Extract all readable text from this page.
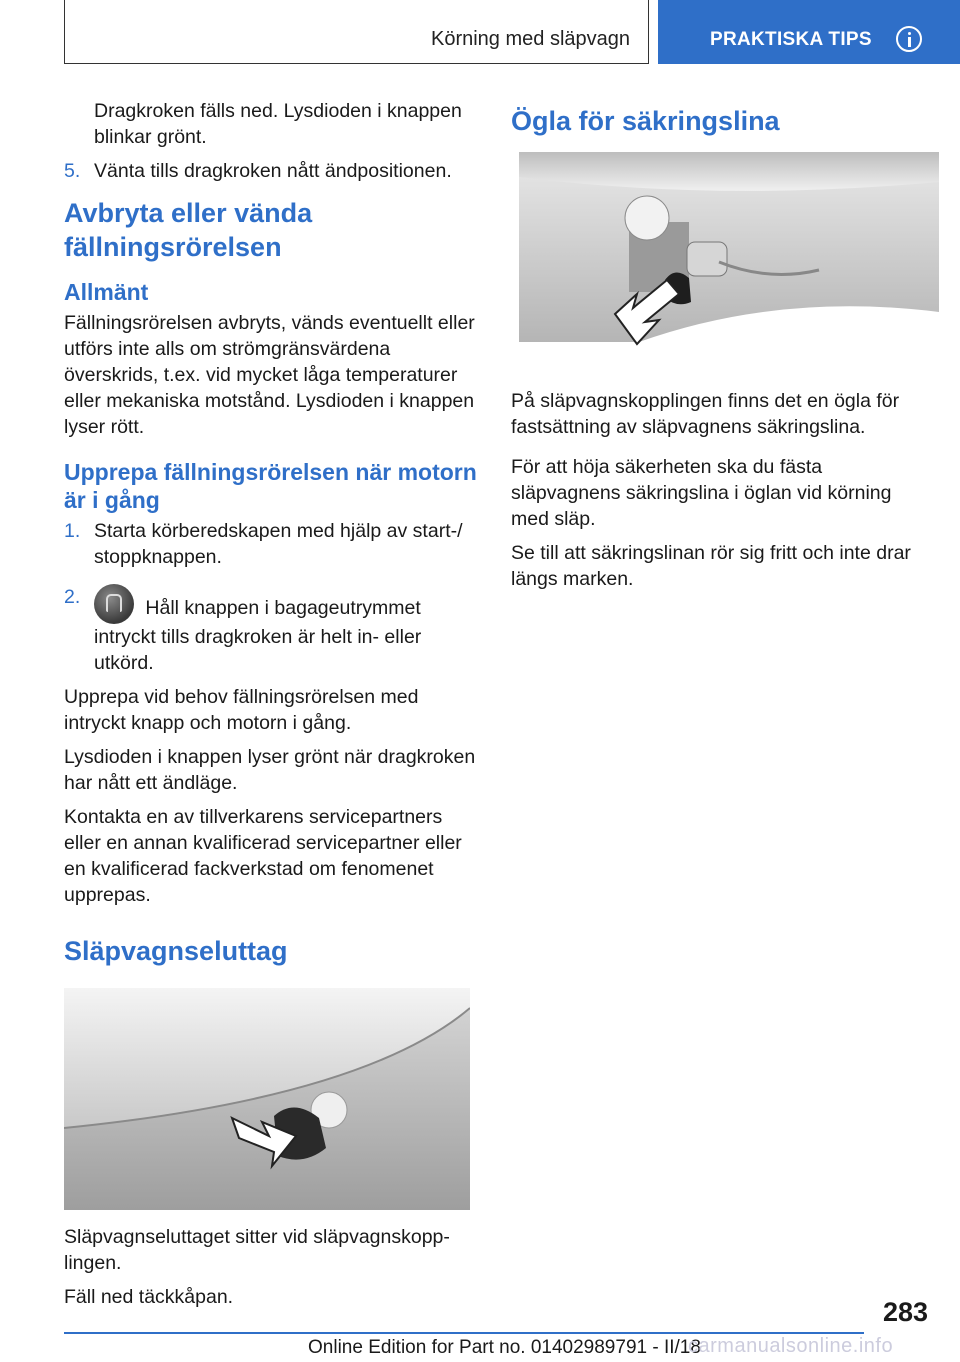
Körning med släpvagn	PRAKTISKA TIPS

Dragkroken fälls ned. Lysdioden i knappen blinkar grönt.

5. Vänta tills dragkroken nått ändpositionen.
Avbryta eller vända fällningsrörelsen
Allmänt

Fällningsrörelsen avbryts, vänds eventuellt eller utförs inte alls om strömgränsvärdena överskrids, t.ex. vid mycket låga temperaturer eller mekaniska motstånd. Lysdioden i knappen lyser rött.

Upprepa fällningsrörelsen när motorn är i gång
1. Starta körberedskapen med hjälp av start-/ stoppknappen.
2.	Håll knappen i bagageutrymmet intryckt tills dragkroken är helt in- eller utkörd.

Upprepa vid behov fällningsrörelsen med intryckt knapp och motorn i gång.

Lysdioden i knappen lyser grönt när dragkroken har nått ett ändläge.

Kontakta en av tillverkarens servicepartners eller en annan kvalificerad servicepartner eller en kvalificerad fackverkstad om fenomenet upprepas.

Släpvagnseluttag

Släpvagnseluttaget sitter vid släpvagnskopplingen.

Fäll ned täckkåpan.

Ögla för säkringslina

På släpvagnskopplingen finns det en ögla för fastsättning av släpvagnens säkringslina.

För att höja säkerheten ska du fästa släpvagnens säkringslina i öglan vid körning med släp.

Se till att säkringslinan rör sig fritt och inte drar längs marken.

283
Online Edition for Part no. 01402989791 - II/18
carmanualsonline.info
